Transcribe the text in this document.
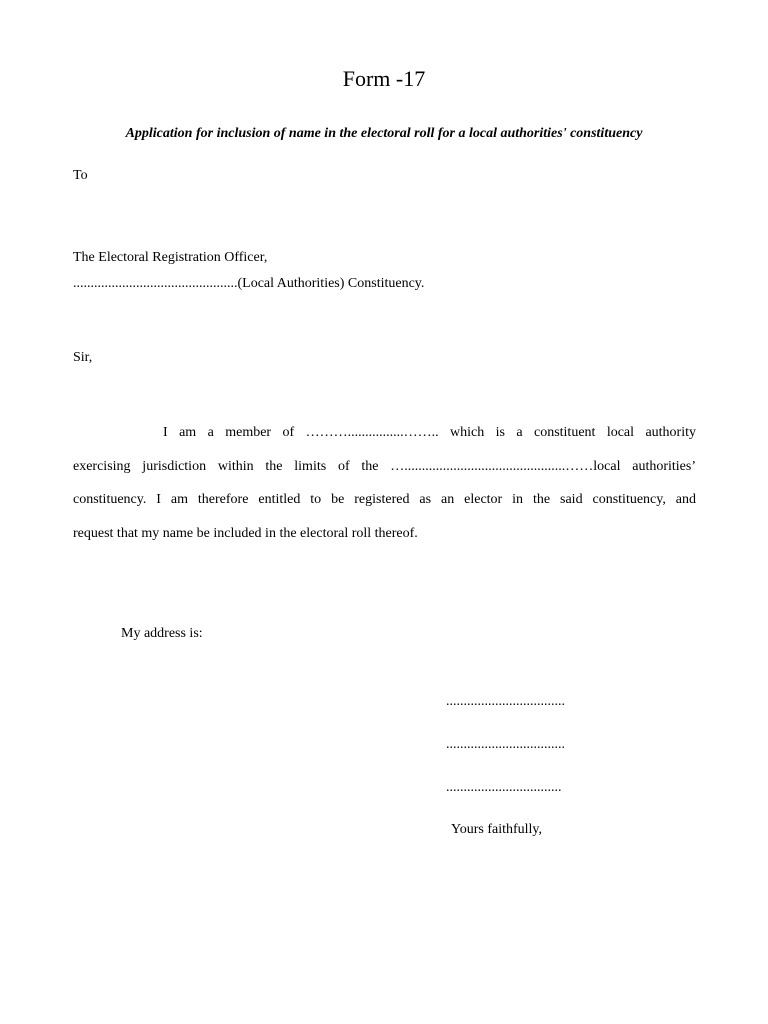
Form -17
Application for inclusion of name in the electoral roll for a local authorities' constituency
To
The Electoral Registration Officer,
...............................................(Local Authorities) Constituency.
Sir,
I am a member of ………................…….. which is a constituent local authority
exercising jurisdiction within the limits of the …..............................................……local authorities’
constituency. I am therefore entitled to be registered as an elector in the said constituency, and
request that my name be included in the electoral roll thereof.
My address is:
..................................
..................................
.................................
Yours faithfully,
